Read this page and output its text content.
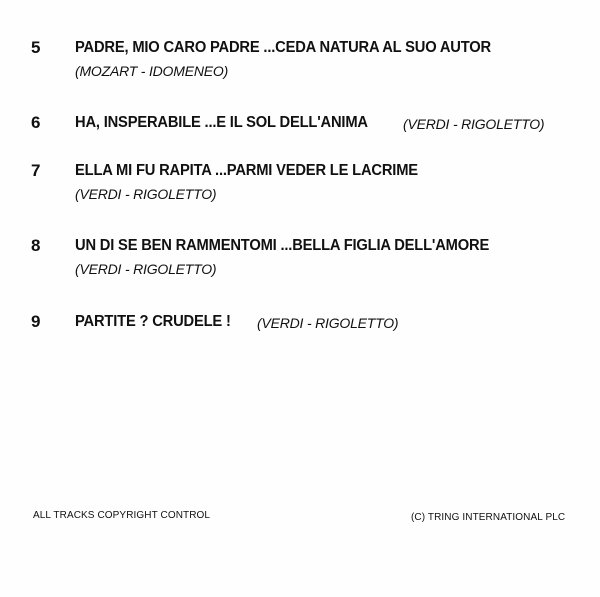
5 PADRE, MIO CARO PADRE ...CEDA NATURA AL SUO AUTOR
(MOZART - IDOMENEO)
6 HA, INSPERABILE ...E IL SOL DELL'ANIMA	(VERDI - RIGOLETTO)
7 ELLA MI FU RAPITA ...PARMI VEDER LE LACRIME
(VERDI - RIGOLETTO)
8 UN DI SE BEN RAMMENTOMI ...BELLA FIGLIA DELL'AMORE
(VERDI - RIGOLETTO)
9 PARTITE ? CRUDELE ! (VERDI - RIGOLETTO)
ALL TRACKS COPYRIGHT CONTROL	(C) TRING INTERNATIONAL PLC
